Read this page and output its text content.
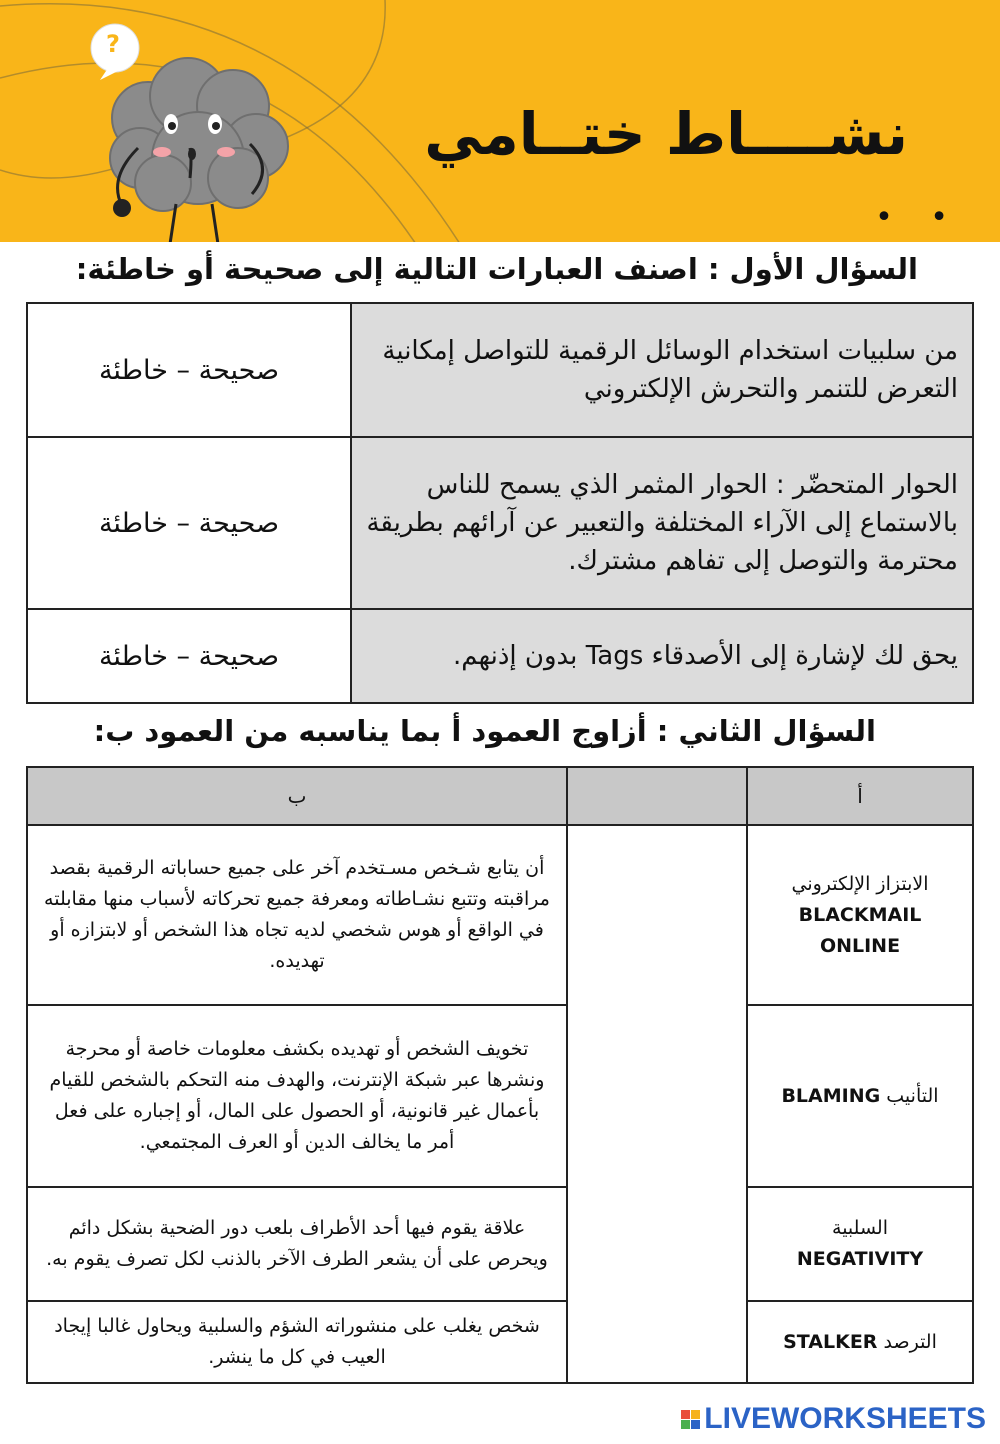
?
نشــــاط ختــامي
• •
السؤال الأول : اصنف العبارات التالية إلى صحيحة أو خاطئة:
من سلبيات استخدام الوسائل الرقمية للتواصل إمكانية التعرض للتنمر والتحرش الإلكتروني	صحيحة – خاطئة
الحوار المتحضّر : الحوار المثمر الذي يسمح للناس بالاستماع إلى الآراء المختلفة والتعبير عن آرائهم بطريقة محترمة والتوصل إلى تفاهم مشترك.	صحيحة – خاطئة
يحق لك لإشارة إلى الأصدقاء Tags بدون إذنهم.	صحيحة – خاطئة
السؤال الثاني : أزاوج العمود أ بما يناسبه من العمود ب:
أ		ب

الابتزاز الإلكتروني
BLACKMAIL ONLINE		أن يتابع شـخص مسـتخدم آخر على جميع حساباته الرقمية بقصد مراقبته وتتبع نشـاطاته ومعرفة جميع تحركاته لأسباب منها مقابلته في الواقع أو هوس شخصي لديه تجاه هذا الشخص أو لابتزازه أو تهديده.
التأنيب BLAMING		تخويف الشخص أو تهديده بكشف معلومات خاصة أو محرجة ونشرها عبر شبكة الإنترنت، والهدف منه التحكم بالشخص للقيام بأعمال غير قانونية، أو الحصول على المال، أو إجباره على فعل أمر ما يخالف الدين أو العرف المجتمعي.

السلبية
NEGATIVITY		علاقة يقوم فيها أحد الأطراف بلعب دور الضحية بشكل دائم ويحرص على أن يشعر الطرف الآخر بالذنب لكل تصرف يقوم به.
الترصد STALKER		شخص يغلب على منشوراته الشؤم والسلبية ويحاول غالبا إيجاد العيب في كل ما ينشر.
LIVEWORKSHEETS
